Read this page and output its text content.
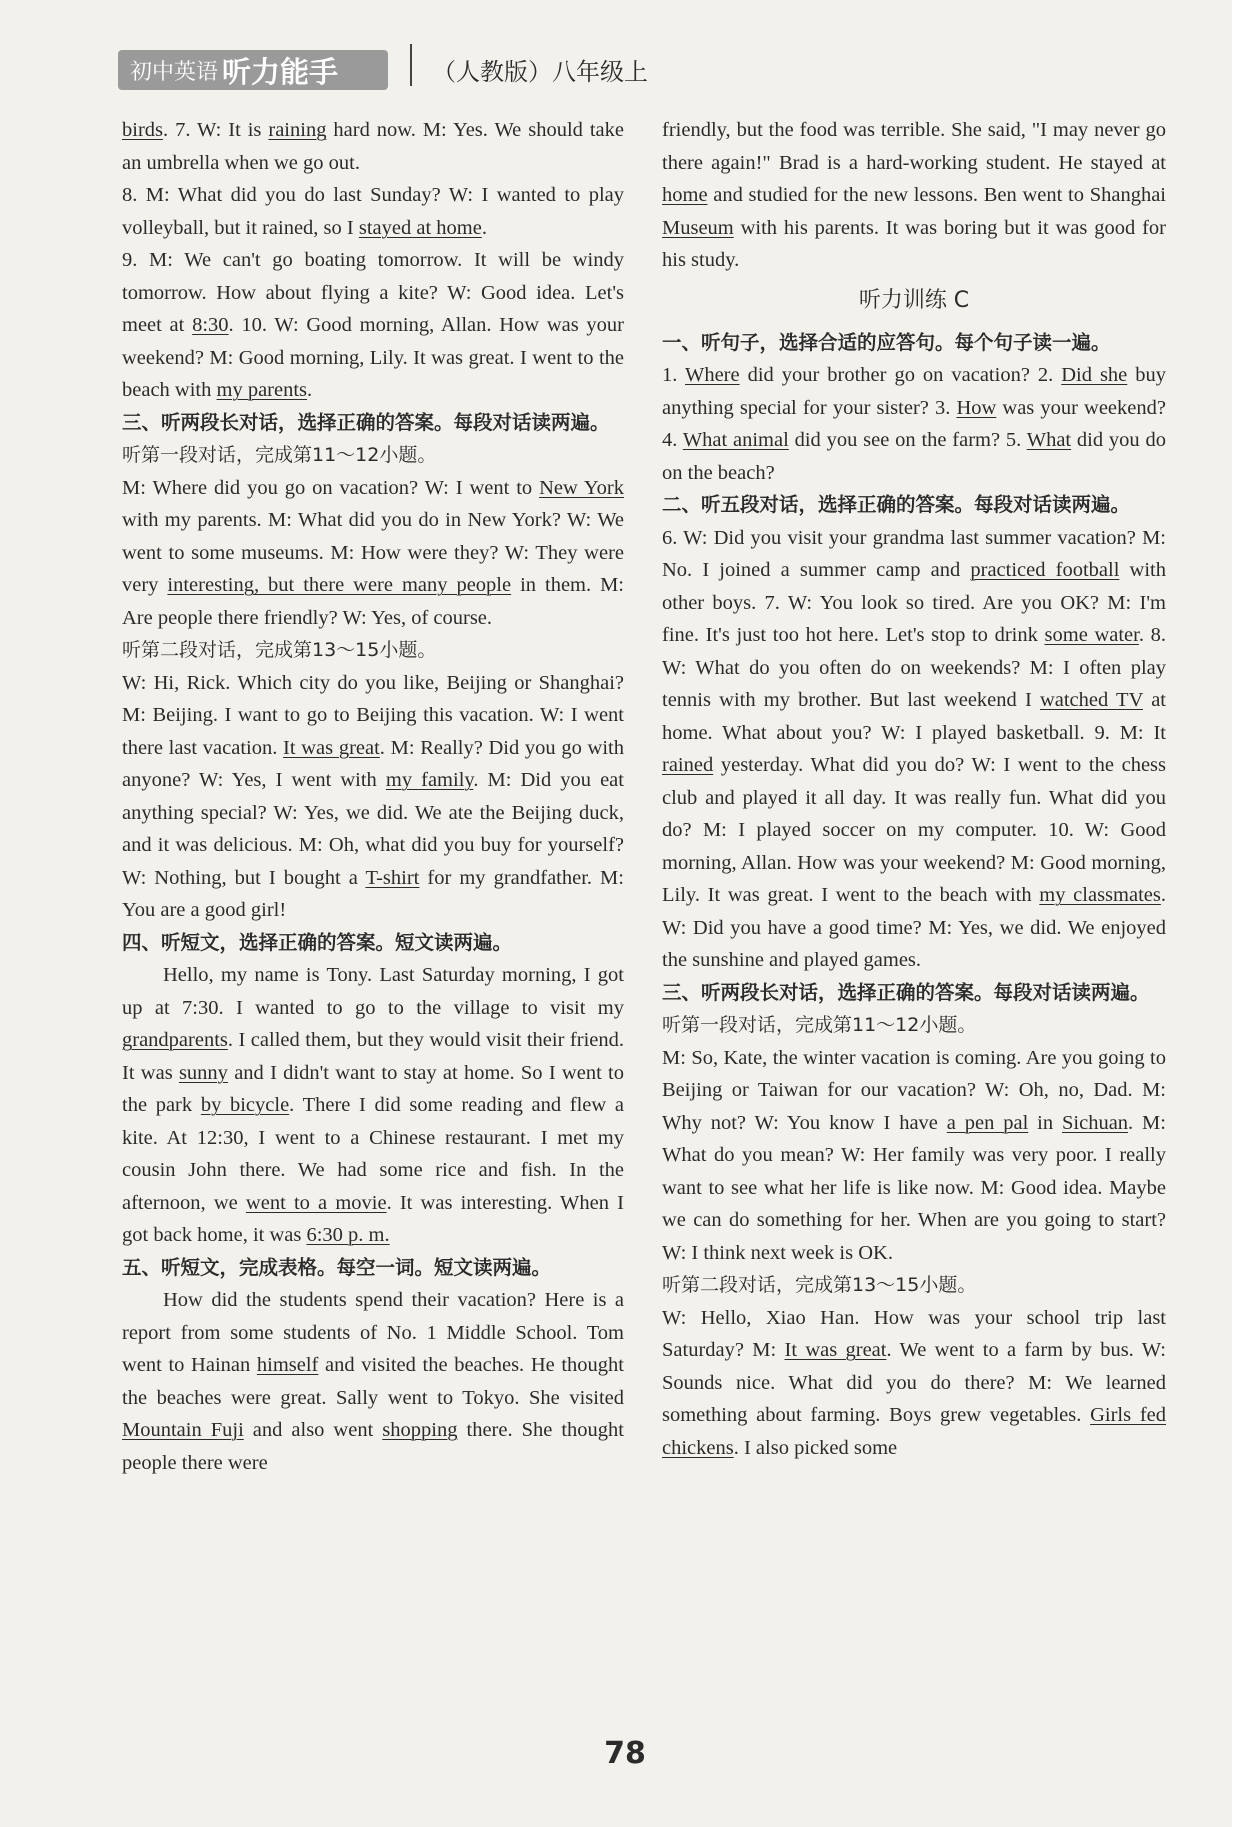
初中英语 听力能手	（人教版）八年级上

birds. 7. W: It is raining hard now. M: Yes. We should take an umbrella when we go out.

8. M: What did you do last Sunday? W: I wanted to play volleyball, but it rained, so I stayed at home.

9. M: We can't go boating tomorrow. It will be windy tomorrow. How about flying a kite? W: Good idea. Let's meet at 8:30. 10. W: Good morning, Allan. How was your weekend? M: Good morning, Lily. It was great. I went to the beach with my parents.

三、听两段长对话，选择正确的答案。每段对话读两遍。

听第一段对话，完成第11～12小题。

M: Where did you go on vacation? W: I went to New York with my parents. M: What did you do in New York? W: We went to some museums. M: How were they? W: They were very interesting, but there were many people in them. M: Are people there friendly? W: Yes, of course.

听第二段对话，完成第13～15小题。

W: Hi, Rick. Which city do you like, Beijing or Shanghai? M: Beijing. I want to go to Beijing this vacation. W: I went there last vacation. It was great. M: Really? Did you go with anyone? W: Yes, I went with my family. M: Did you eat anything special? W: Yes, we did. We ate the Beijing duck, and it was delicious. M: Oh, what did you buy for yourself? W: Nothing, but I bought a T-shirt for my grandfather. M: You are a good girl!

四、听短文，选择正确的答案。短文读两遍。

Hello, my name is Tony. Last Saturday morning, I got up at 7:30. I wanted to go to the village to visit my grandparents. I called them, but they would visit their friend. It was sunny and I didn't want to stay at home. So I went to the park by bicycle. There I did some reading and flew a kite. At 12:30, I went to a Chinese restaurant. I met my cousin John there. We had some rice and fish. In the afternoon, we went to a movie. It was interesting. When I got back home, it was 6:30 p. m.

五、听短文，完成表格。每空一词。短文读两遍。

How did the students spend their vacation? Here is a report from some students of No. 1 Middle School. Tom went to Hainan himself and visited the beaches. He thought the beaches were great. Sally went to Tokyo. She visited Mountain Fuji and also went shopping there. She thought people there were

friendly, but the food was terrible. She said, "I may never go there again!" Brad is a hard-working student. He stayed at home and studied for the new lessons. Ben went to Shanghai Museum with his parents. It was boring but it was good for his study.

听力训练 C

一、听句子，选择合适的应答句。每个句子读一遍。

1. Where did your brother go on vacation? 2. Did she buy anything special for your sister? 3. How was your weekend? 4. What animal did you see on the farm? 5. What did you do on the beach?

二、听五段对话，选择正确的答案。每段对话读两遍。

6. W: Did you visit your grandma last summer vacation? M: No. I joined a summer camp and practiced football with other boys. 7. W: You look so tired. Are you OK? M: I'm fine. It's just too hot here. Let's stop to drink some water. 8. W: What do you often do on weekends? M: I often play tennis with my brother. But last weekend I watched TV at home. What about you? W: I played basketball. 9. M: It rained yesterday. What did you do? W: I went to the chess club and played it all day. It was really fun. What did you do? M: I played soccer on my computer. 10. W: Good morning, Allan. How was your weekend? M: Good morning, Lily. It was great. I went to the beach with my classmates. W: Did you have a good time? M: Yes, we did. We enjoyed the sunshine and played games.

三、听两段长对话，选择正确的答案。每段对话读两遍。

听第一段对话，完成第11～12小题。

M: So, Kate, the winter vacation is coming. Are you going to Beijing or Taiwan for our vacation? W: Oh, no, Dad. M: Why not? W: You know I have a pen pal in Sichuan. M: What do you mean? W: Her family was very poor. I really want to see what her life is like now. M: Good idea. Maybe we can do something for her. When are you going to start? W: I think next week is OK.

听第二段对话，完成第13～15小题。

W: Hello, Xiao Han. How was your school trip last Saturday? M: It was great. We went to a farm by bus. W: Sounds nice. What did you do there? M: We learned something about farming. Boys grew vegetables. Girls fed chickens. I also picked some

78
